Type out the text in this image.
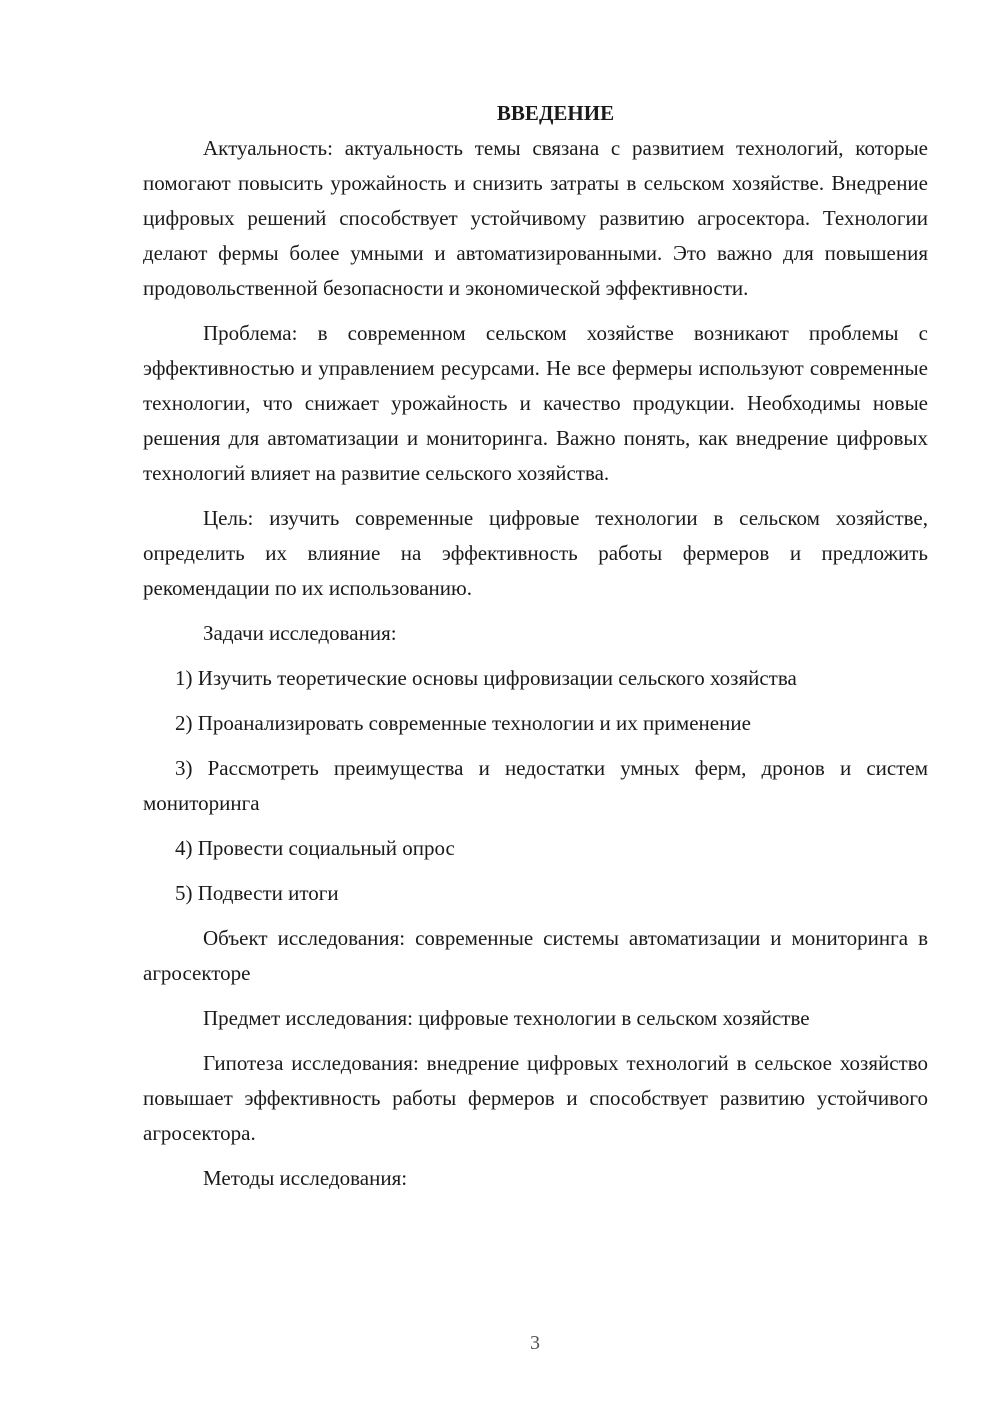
ВВЕДЕНИЕ

Актуальность: актуальность темы связана с развитием технологий, которые помогают повысить урожайность и снизить затраты в сельском хозяйстве. Внедрение цифровых решений способствует устойчивому развитию агросектора. Технологии делают фермы более умными и автоматизированными. Это важно для повышения продовольственной безопасности и экономической эффективности.

Проблема: в современном сельском хозяйстве возникают проблемы с эффективностью и управлением ресурсами. Не все фермеры используют современные технологии, что снижает урожайность и качество продукции. Необходимы новые решения для автоматизации и мониторинга. Важно понять, как внедрение цифровых технологий влияет на развитие сельского хозяйства.

Цель: изучить современные цифровые технологии в сельском хозяйстве, определить их влияние на эффективность работы фермеров и предложить рекомендации по их использованию.

Задачи исследования:

1) Изучить теоретические основы цифровизации сельского хозяйства

2) Проанализировать современные технологии и их применение

3) Рассмотреть преимущества и недостатки умных ферм, дронов и систем мониторинга

4) Провести социальный опрос

5) Подвести итоги

Объект исследования: современные системы автоматизации и мониторинга в агросекторе

Предмет исследования: цифровые технологии в сельском хозяйстве

Гипотеза исследования: внедрение цифровых технологий в сельское хозяйство повышает эффективность работы фермеров и способствует развитию устойчивого агросектора.

Методы исследования:

3
